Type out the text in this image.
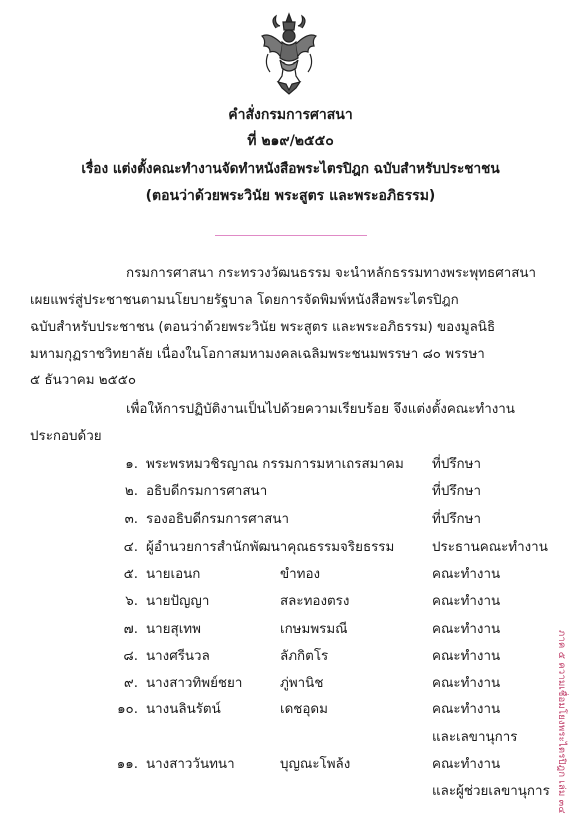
คำสั่งกรมการศาสนา
ที่ ๒๑๙/๒๕๕๐
เรื่อง แต่งตั้งคณะทำงานจัดทำหนังสือพระไตรปิฎก ฉบับสำหรับประชาชน
(ตอนว่าด้วยพระวินัย พระสูตร และพระอภิธรรม)
กรมการศาสนา กระทรวงวัฒนธรรม จะนำหลักธรรมทางพระพุทธศาสนา
เผยแพร่สู่ประชาชนตามนโยบายรัฐบาล โดยการจัดพิมพ์หนังสือพระไตรปิฎก
ฉบับสำหรับประชาชน (ตอนว่าด้วยพระวินัย พระสูตร และพระอภิธรรม) ของมูลนิธิ
มหามกุฏราชวิทยาลัย เนื่องในโอกาสมหามงคลเฉลิมพระชนมพรรษา ๘๐ พรรษา
๕ ธันวาคม ๒๕๕๐
เพื่อให้การปฏิบัติงานเป็นไปด้วยความเรียบร้อย จึงแต่งตั้งคณะทำงาน
ประกอบด้วย
๑. พระพรหมวชิรญาณ กรรมการมหาเถรสมาคม ที่ปรึกษา
๒. อธิบดีกรมการศาสนา	ที่ปรึกษา
๓. รองอธิบดีกรมการศาสนา	ที่ปรึกษา
๔. ผู้อำนวยการสำนักพัฒนาคุณธรรมจริยธรรม	ประธานคณะทำงาน
๕. นายเอนก	ขำทอง	คณะทำงาน
๖. นายปัญญา	สละทองตรง	คณะทำงาน
๗. นายสุเทพ	เกษมพรมณี	คณะทำงาน
๘. นางศรีนวล	ลัภกิตโร	คณะทำงาน
๙. นางสาวทิพย์ชยา	ภู่พานิช	คณะทำงาน
๑๐. นางนลินรัตน์	เดชอุดม	คณะทำงาน
และเลขานุการ
๑๑. นางสาววันทนา	บุญณะโพล้ง	คณะทำงาน
และผู้ช่วยเลขานุการ ภาค ๕ ความเชื่อมโยงพระไตรปิฎก เล่ม ๓๔
